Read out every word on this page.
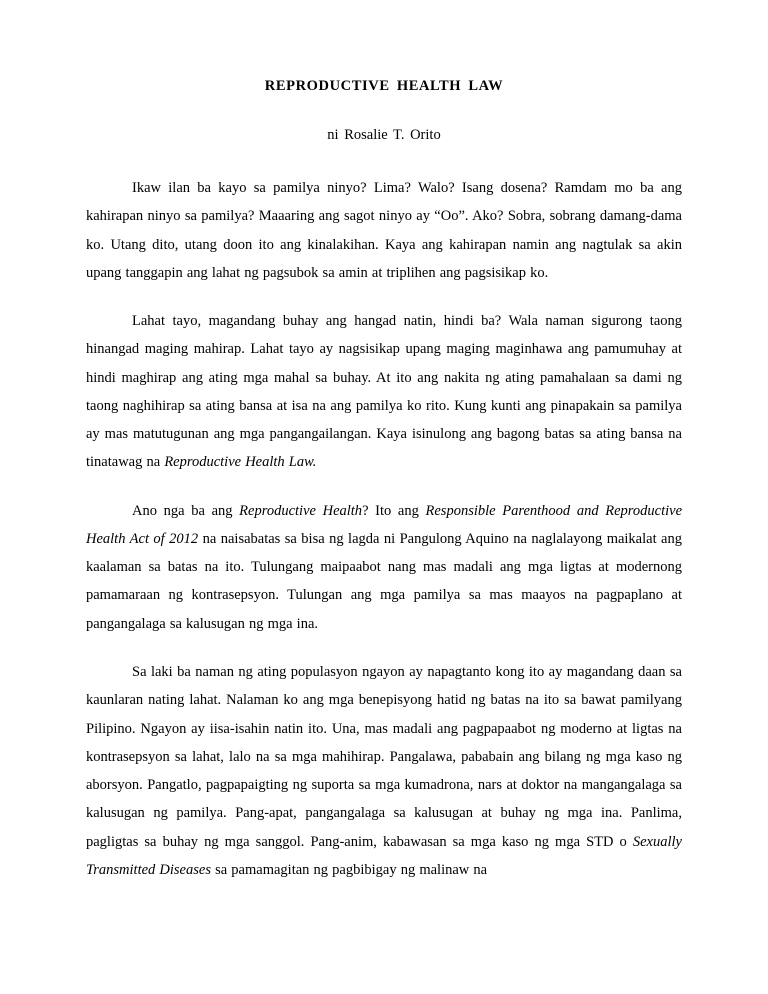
REPRODUCTIVE HEALTH LAW
ni Rosalie T. Orito

Ikaw ilan ba kayo sa pamilya ninyo? Lima? Walo? Isang dosena? Ramdam mo ba ang kahirapan ninyo sa pamilya? Maaaring ang sagot ninyo ay “Oo”. Ako? Sobra, sobrang damang-dama ko. Utang dito, utang doon ito ang kinalakihan. Kaya ang kahirapan namin ang nagtulak sa akin upang tanggapin ang lahat ng pagsubok sa amin at triplihen ang pagsisikap ko.

Lahat tayo, magandang buhay ang hangad natin, hindi ba? Wala naman sigurong taong hinangad maging mahirap. Lahat tayo ay nagsisikap upang maging maginhawa ang pamumuhay at hindi maghirap ang ating mga mahal sa buhay. At ito ang nakita ng ating pamahalaan sa dami ng taong naghihirap sa ating bansa at isa na ang pamilya ko rito. Kung kunti ang pinapakain sa pamilya ay mas matutugunan ang mga pangangailangan. Kaya isinulong ang bagong batas sa ating bansa na tinatawag na Reproductive Health Law.

Ano nga ba ang Reproductive Health? Ito ang Responsible Parenthood and Reproductive Health Act of 2012 na naisabatas sa bisa ng lagda ni Pangulong Aquino na naglalayong maikalat ang kaalaman sa batas na ito. Tulungang maipaabot nang mas madali ang mga ligtas at modernong pamamaraan ng kontrasepsyon. Tulungan ang mga pamilya sa mas maayos na pagpaplano at pangangalaga sa kalusugan ng mga ina.

Sa laki ba naman ng ating populasyon ngayon ay napagtanto kong ito ay magandang daan sa kaunlaran nating lahat. Nalaman ko ang mga benepisyong hatid ng batas na ito sa bawat pamilyang Pilipino. Ngayon ay iisa-isahin natin ito. Una, mas madali ang pagpapaabot ng moderno at ligtas na kontrasepsyon sa lahat, lalo na sa mga mahihirap. Pangalawa, pababain ang bilang ng mga kaso ng aborsyon. Pangatlo, pagpapaigting ng suporta sa mga kumadrona, nars at doktor na mangangalaga sa kalusugan ng pamilya. Pang-apat, pangangalaga sa kalusugan at buhay ng mga ina. Panlima, pagligtas sa buhay ng mga sanggol. Pang-anim, kabawasan sa mga kaso ng mga STD o Sexually Transmitted Diseases sa pamamagitan ng pagbibigay ng malinaw na
